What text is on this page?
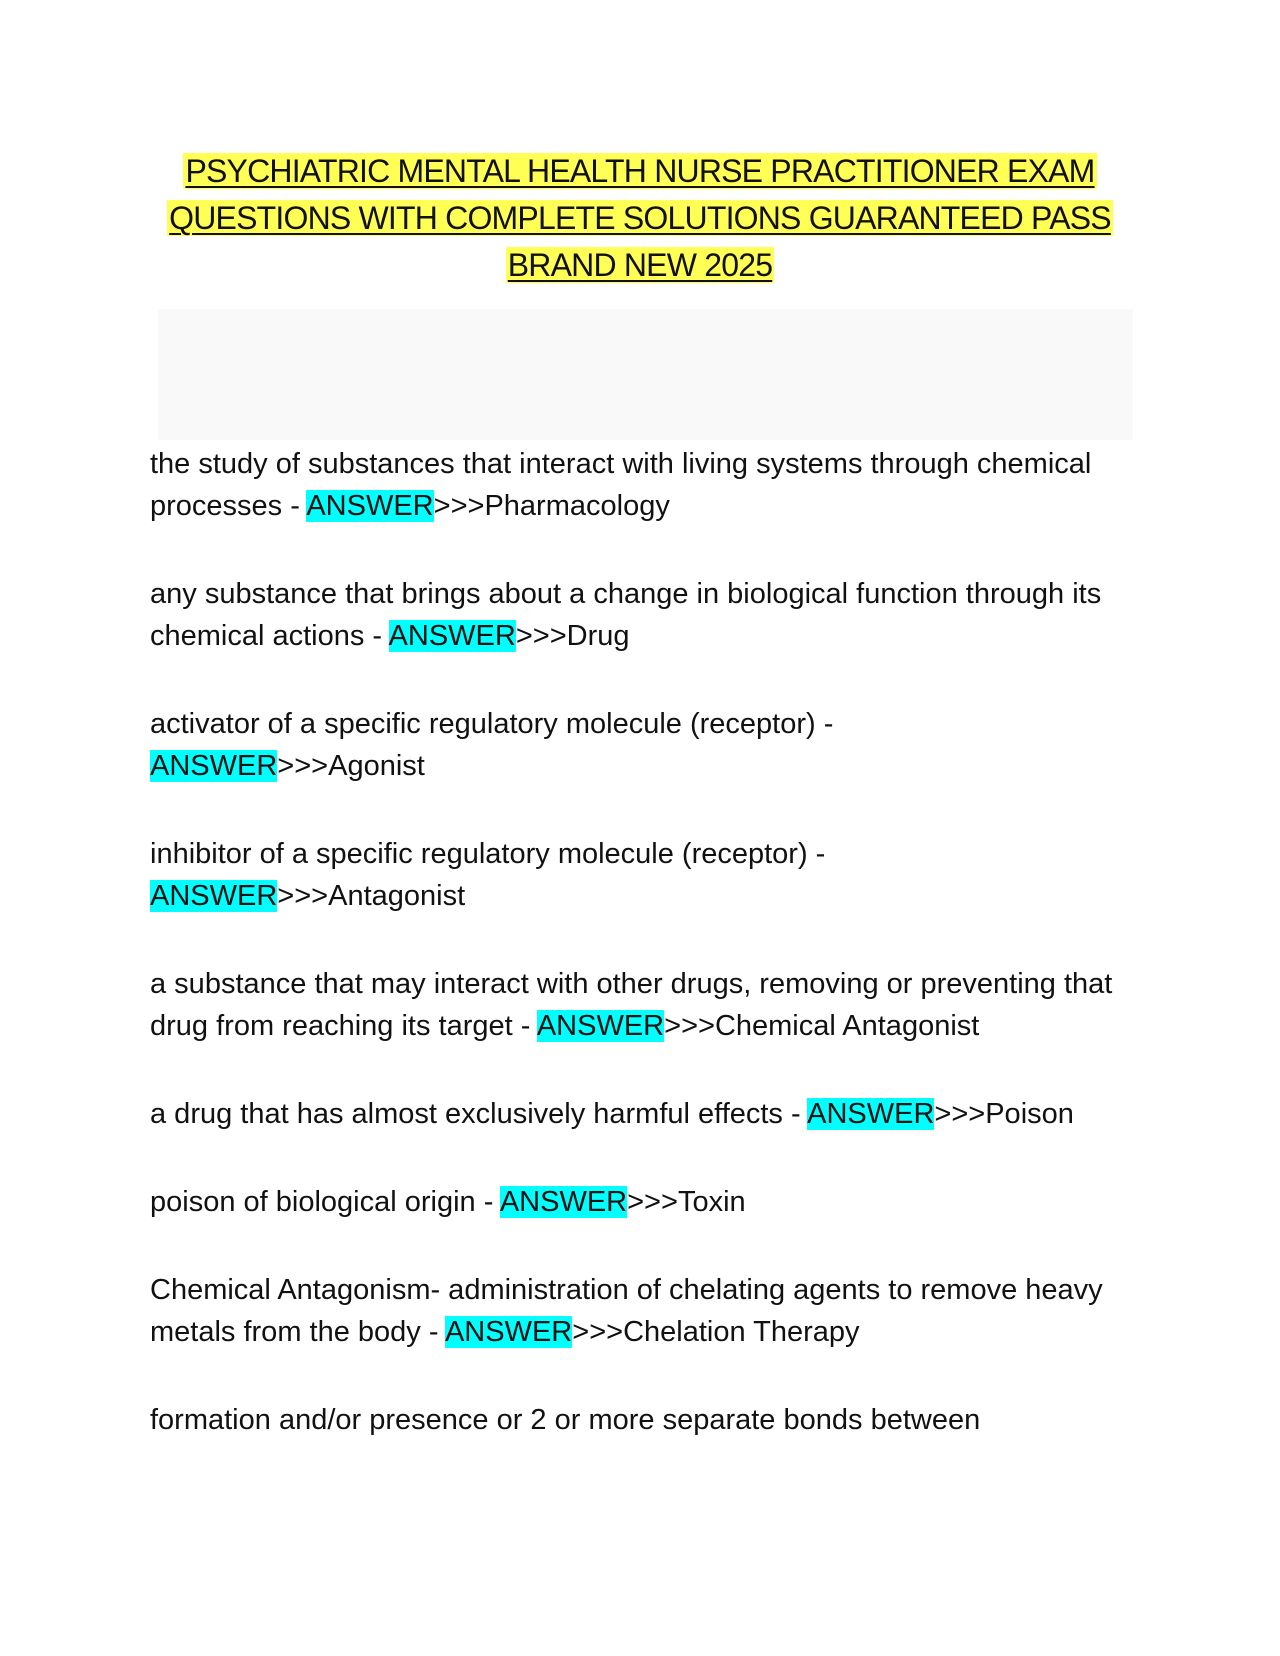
PSYCHIATRIC MENTAL HEALTH NURSE PRACTITIONER EXAM
QUESTIONS WITH COMPLETE SOLUTIONS GUARANTEED PASS
BRAND NEW 2025
the study of substances that interact with living systems through chemical processes - ANSWER>>>Pharmacology
any substance that brings about a change in biological function through its chemical actions - ANSWER>>>Drug
activator of a specific regulatory molecule (receptor) -
ANSWER>>>Agonist
inhibitor of a specific regulatory molecule (receptor) -
ANSWER>>>Antagonist
a substance that may interact with other drugs, removing or preventing that drug from reaching its target - ANSWER>>>Chemical Antagonist
a drug that has almost exclusively harmful effects - ANSWER>>>Poison
poison of biological origin - ANSWER>>>Toxin
Chemical Antagonism- administration of chelating agents to remove heavy metals from the body - ANSWER>>>Chelation Therapy
formation and/or presence or 2 or more separate bonds between
